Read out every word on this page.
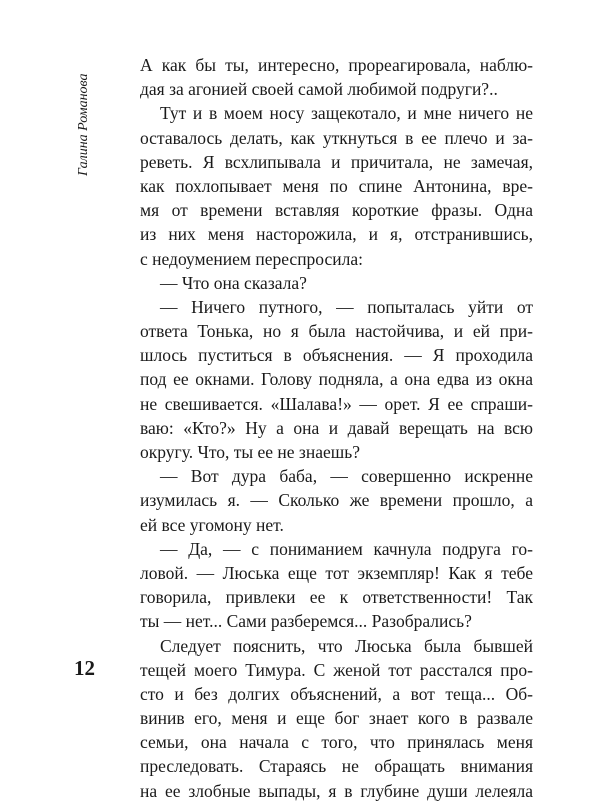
Галина Романова
А как бы ты, интересно, прореагировала, наблю-
дая за агонией своей самой любимой подруги?..
Тут и в моем носу защекотало, и мне ничего не
оставалось делать, как уткнуться в ее плечо и за-
реветь. Я всхлипывала и причитала, не замечая,
как похлопывает меня по спине Антонина, вре-
мя от времени вставляя короткие фразы. Одна
из них меня насторожила, и я, отстранившись,
с недоумением переспросила:
— Что она сказала?
— Ничего путного, — попыталась уйти от
ответа Тонька, но я была настойчива, и ей при-
шлось пуститься в объяснения. — Я проходила
под ее окнами. Голову подняла, а она едва из окна
не свешивается. «Шалава!» — орет. Я ее спраши-
ваю: «Кто?» Ну а она и давай верещать на всю
округу. Что, ты ее не знаешь?
— Вот дура баба, — совершенно искренне
изумилась я. — Сколько же времени прошло, а
ей все угомону нет.
— Да, — с пониманием качнула подруга го-
ловой. — Люська еще тот экземпляр! Как я тебе
говорила, привлеки ее к ответственности! Так
ты — нет... Сами разберемся... Разобрались?
Следует пояснить, что Люська была бывшей
тещей моего Тимура. С женой тот расстался про-
сто и без долгих объяснений, а вот теща... Об-
винив его, меня и еще бог знает кого в развале
семьи, она начала с того, что принялась меня
преследовать. Стараясь не обращать внимания
на ее злобные выпады, я в глубине души лелеяла
12
